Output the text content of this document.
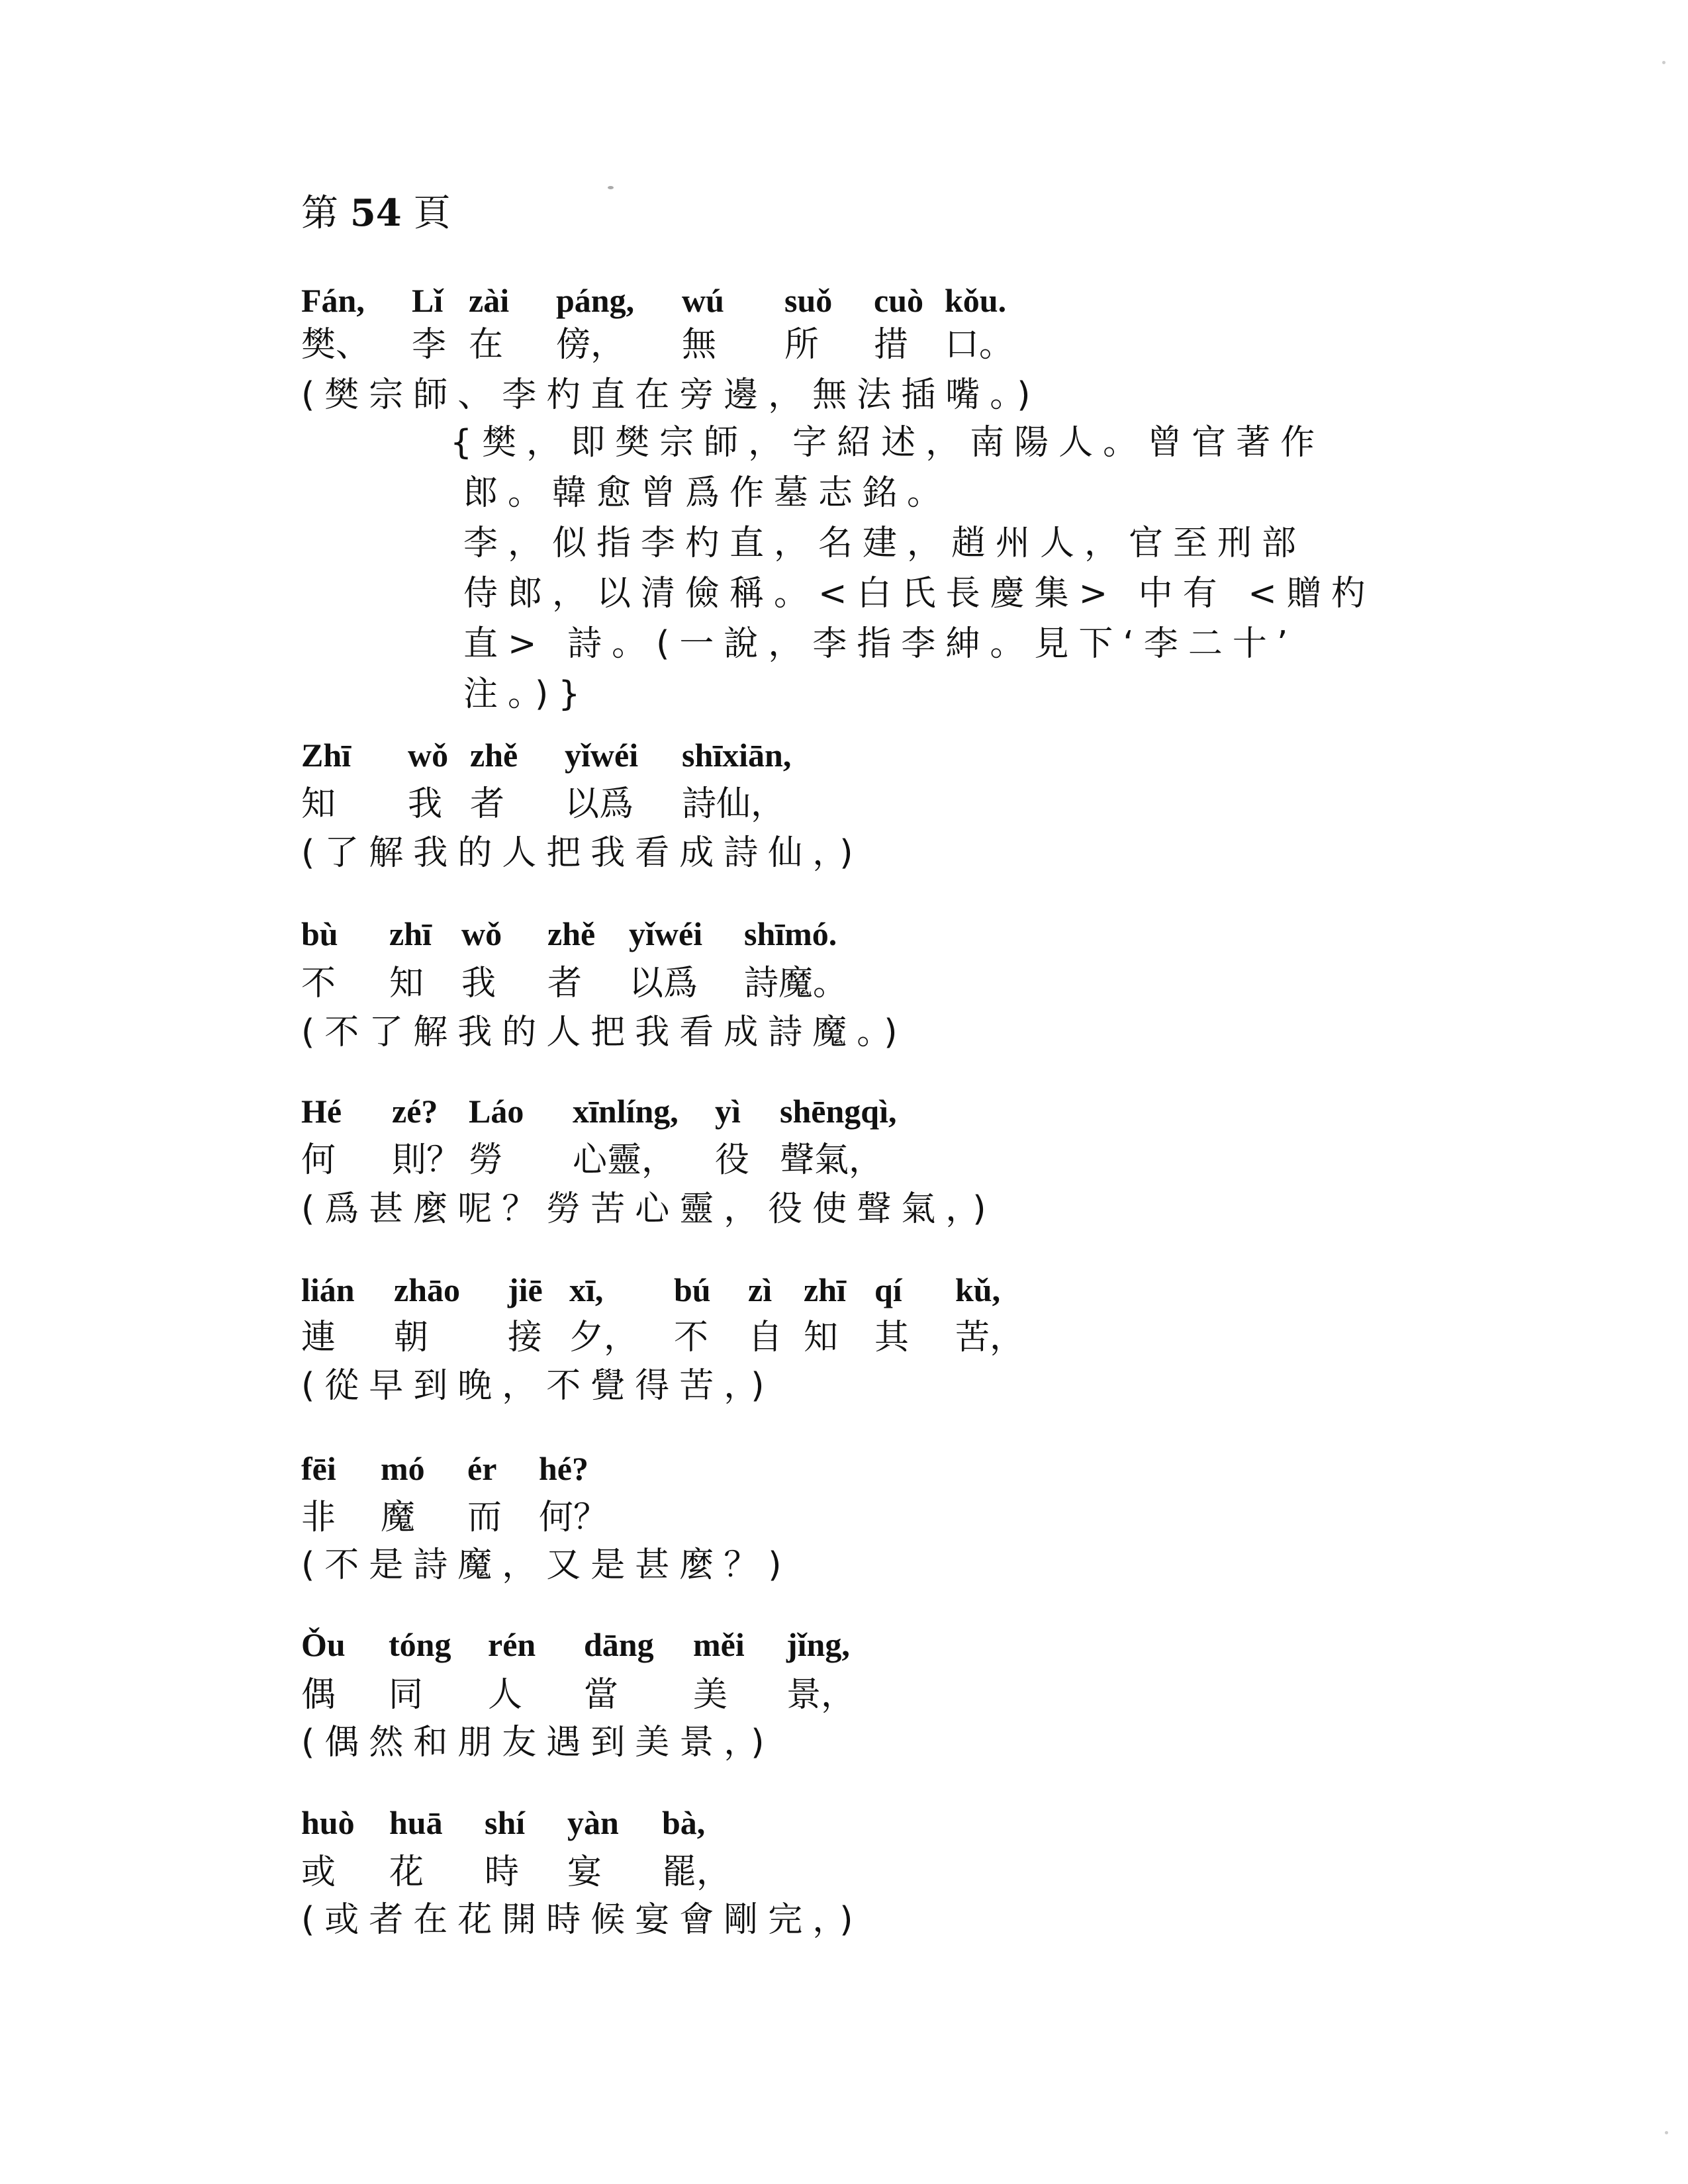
第 54 頁
Fán, Lǐ zài páng, wú suǒ cuò kǒu.
樊、 李 在 傍， 無 所 措 口。
(樊宗師、李杓直在旁邊，無法插嘴。)
{樊，即樊宗師，字紹述，南陽人。曾官著作
郎。韓愈曾爲作墓志銘。
李，似指李杓直，名建，趙州人，官至刑部
侍郎，以清儉稱。<白氏長慶集> 中有 <贈杓
直> 詩。(一說，李指李紳。見下‘李二十’
注。)}
Zhī wǒ zhě yǐwéi shīxiān,
知 我 者 以爲 詩仙，
(了解我的人把我看成詩仙，)
bù zhī wǒ zhě yǐwéi shīmó.
不 知 我 者 以爲 詩魔。
(不了解我的人把我看成詩魔。)
Hé zé? Láo xīnlíng, yì shēngqì,
何 則？ 勞 心靈， 役 聲氣，
(爲甚麼呢？勞苦心靈，役使聲氣，)
lián zhāo jiē xī, bú zì zhī qí kǔ,
連 朝 接 夕， 不 自 知 其 苦，
(從早到晚，不覺得苦，)
fēi mó ér hé?
非 魔 而 何？
(不是詩魔，又是甚麼？)
Ǒu tóng rén dāng měi jǐng,
偶 同 人 當 美 景，
(偶然和朋友遇到美景，)
huò huā shí yàn bà,
或 花 時 宴 罷，
(或者在花開時候宴會剛完，)
